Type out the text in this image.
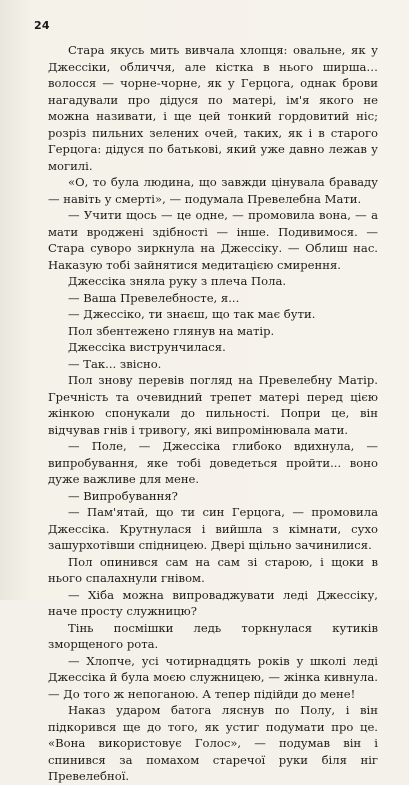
24

Стара якусь мить вивчала хлопця: овальне, як у Джессіки, обличчя, але кістка в нього ширша… волосся — чорне-чорне, як у Герцога, однак брови нагадували про дідуся по матері, ім'я якого не можна називати, і ще цей тонкий гордовитий ніс; розріз пильних зелених очей, таких, як і в старого Герцога: дідуся по батькові, який уже давно лежав у могилі.

«О, то була людина, що завжди цінувала браваду — навіть у смерті», — подумала Превелебна Мати.

— Учити щось — це одне, — промовила вона, — а мати вроджені здібності — інше. Подивимося. — Стара суворо зиркнула на Джессіку. — Облиш нас. Наказую тобі зайнятися медитацією смирення.

Джессіка зняла руку з плеча Пола.

— Ваша Превелебносте, я...

— Джессіко, ти знаєш, що так має бути.

Пол збентежено глянув на матір.

Джессіка виструнчилася.

— Так... звісно.

Пол знову перевів погляд на Превелебну Матір. Гречність та очевидний трепет матері перед цією жінкою спонукали до пильності. Попри це, він відчував гнів і тривогу, які випромінювала мати.

— Поле, — Джессіка глибоко вдихнула, — випробування, яке тобі доведеться пройти... воно дуже важливе для мене.

— Випробування?

— Пам'ятай, що ти син Герцога, — промовила Джессіка. Крутнулася і вийшла з кімнати, сухо зашурхотівши спідницею. Двері щільно зачинилися.

Пол опинився сам на сам зі старою, і щоки в нього спалахнули гнівом.

— Хіба можна випроваджувати леді Джессіку, наче просту служницю?

Тінь посмішки ледь торкнулася кутиків зморщеного рота.

— Хлопче, усі чотирнадцять років у школі леді Джессіка й була моєю служницею, — жінка кивнула. — До того ж непоганою. А тепер підійди до мене!

Наказ ударом батога ляснув по Полу, і він підкорився ще до того, як устиг подумати про це. «Вона використовує Голос», — подумав він і спинився за помахом старечої руки біля ніг Превелебної.
